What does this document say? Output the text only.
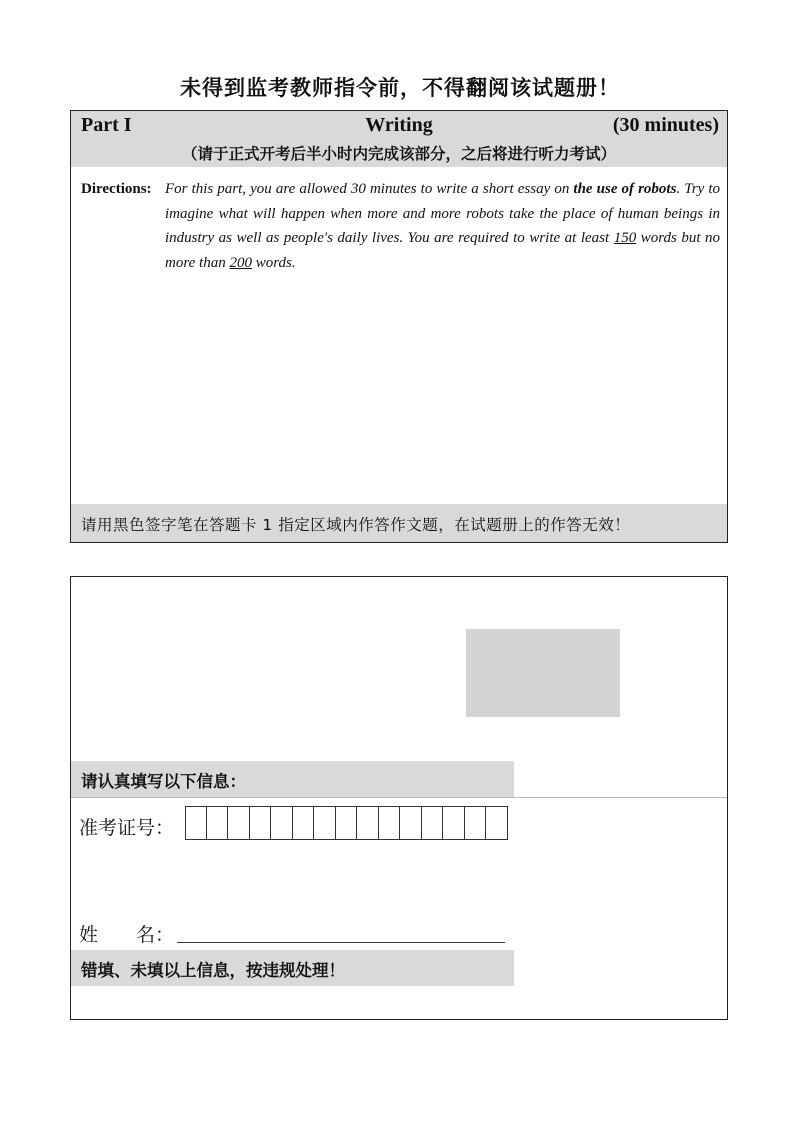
未得到监考教师指令前，不得翻阅该试题册！
Part I	Writing	(30 minutes)
（请于正式开考后半小时内完成该部分，之后将进行听力考试）
Directions: For this part, you are allowed 30 minutes to write a short essay on the use of robots. Try to imagine what will happen when more and more robots take the place of human beings in industry as well as people's daily lives. You are required to write at least 150 words but no more than 200 words.
请用黑色签字笔在答题卡 1 指定区域内作答作文题，在试题册上的作答无效！
请认真填写以下信息：
准考证号：
姓　　名：
错填、未填以上信息，按违规处理！
